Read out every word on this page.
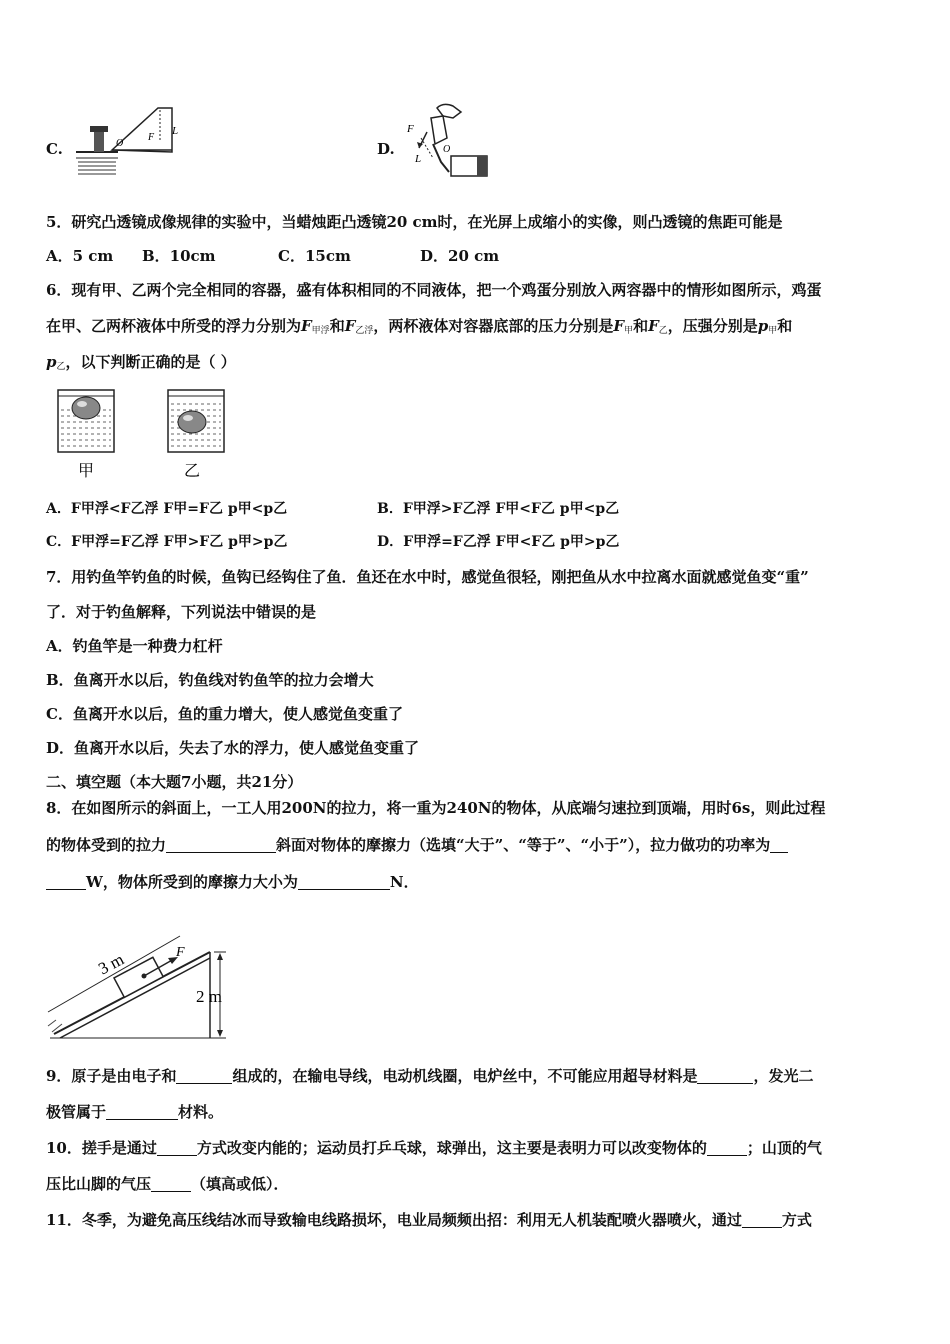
C.
F
L
O	D.
F
L
O
5．研究凸透镜成像规律的实验中，当蜡烛距凸透镜20 cm时，在光屏上成缩小的实像，则凸透镜的焦距可能是
A．5 cm B．10cm	C．15cm	D．20 cm
6．现有甲、乙两个完全相同的容器，盛有体积相同的不同液体，把一个鸡蛋分别放入两容器中的情形如图所示，鸡蛋
在甲、乙两杯液体中所受的浮力分别为$F_{甲浮}$和$F_{乙浮}$，两杯液体对容器底部的压力分别是$F_甲$和$F_乙$，压强分别是$p_甲$和
$p_乙$，以下判断正确的是（ ）
甲	乙
A．F甲浮<F乙浮 F甲=F乙 p甲<p乙	B．F甲浮>F乙浮 F甲<F乙 p甲<p乙
C．F甲浮=F乙浮 F甲>F乙 p甲>p乙	D．F甲浮=F乙浮 F甲<F乙 p甲>p乙
7．用钓鱼竿钓鱼的时候，鱼钩已经钩住了鱼．鱼还在水中时，感觉鱼很轻，刚把鱼从水中拉离水面就感觉鱼变“重”
了．对于钓鱼解释，下列说法中错误的是
A．钓鱼竿是一种费力杠杆
B．鱼离开水以后，钓鱼线对钓鱼竿的拉力会增大
C．鱼离开水以后，鱼的重力增大，使人感觉鱼变重了
D．鱼离开水以后，失去了水的浮力，使人感觉鱼变重了
二、填空题（本大题7小题，共21分）
8．在如图所示的斜面上，一工人用200N的拉力，将一重为240N的物体，从底端匀速拉到顶端，用时6s，则此过程
的物体受到的拉力	斜面对物体的摩擦力（选填“大于”、“等于”、“小于”），拉力做功的功率为
W，物体所受到的摩擦力大小为	N．
3 m
2 m
F
9．原子是由电子和	组成的，在输电导线，电动机线圈，电炉丝中，不可能应用超导材料是	，发光二
极管属于	材料。
10．搓手是通过	方式改变内能的；运动员打乒乓球，球弹出，这主要是表明力可以改变物体的	；山顶的气
压比山脚的气压	（填高或低）．
11．冬季，为避免高压线结冰而导致输电线路损坏，电业局频频出招：利用无人机装配喷火器喷火，通过	方式
